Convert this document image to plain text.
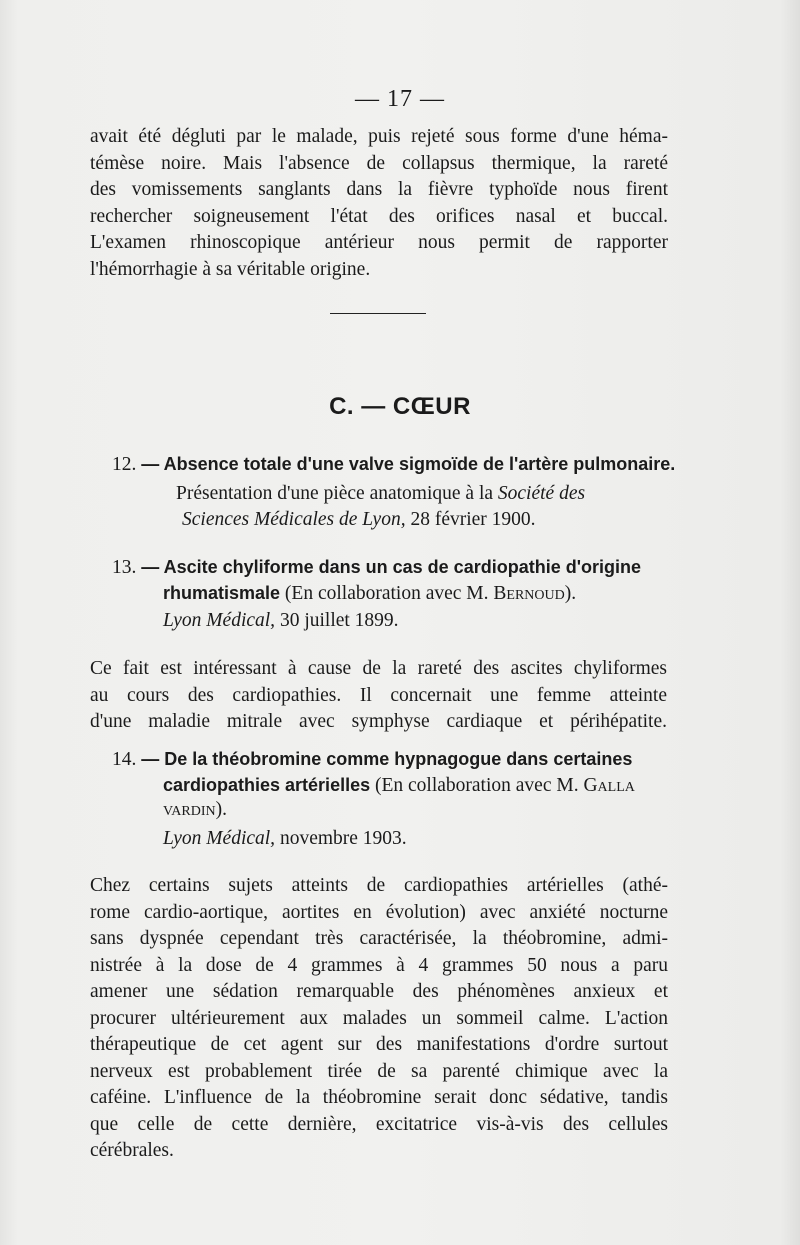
— 17 —
avait été dégluti par le malade, puis rejeté sous forme d'une héma-
témèse noire. Mais l'absence de collapsus thermique, la rareté
des vomissements sanglants dans la fièvre typhoïde nous firent
rechercher soigneusement l'état des orifices nasal et buccal.
L'examen rhinoscopique antérieur nous permit de rapporter
l'hémorrhagie à sa véritable origine.
C. — CŒUR
12. — Absence totale d'une valve sigmoïde de l'artère pulmonaire.
Présentation d'une pièce anatomique à la Société des
Sciences Médicales de Lyon, 28 février 1900.
13. — Ascite chyliforme dans un cas de cardiopathie d'origine
rhumatismale (En collaboration avec M. Bernoud).
Lyon Médical, 30 juillet 1899.
Ce fait est intéressant à cause de la rareté des ascites chyliformes
au cours des cardiopathies. Il concernait une femme atteinte
d'une maladie mitrale avec symphyse cardiaque et périhépatite.
14. — De la théobromine comme hypnagogue dans certaines
cardiopathies artérielles (En collaboration avec M. Galla
vardin).
Lyon Médical, novembre 1903.
Chez certains sujets atteints de cardiopathies artérielles (athé-
rome cardio-aortique, aortites en évolution) avec anxiété nocturne
sans dyspnée cependant très caractérisée, la théobromine, admi-
nistrée à la dose de 4 grammes à 4 grammes 50 nous a paru
amener une sédation remarquable des phénomènes anxieux et
procurer ultérieurement aux malades un sommeil calme. L'action
thérapeutique de cet agent sur des manifestations d'ordre surtout
nerveux est probablement tirée de sa parenté chimique avec la
caféine. L'influence de la théobromine serait donc sédative, tandis
que celle de cette dernière, excitatrice vis-à-vis des cellules
cérébrales.
